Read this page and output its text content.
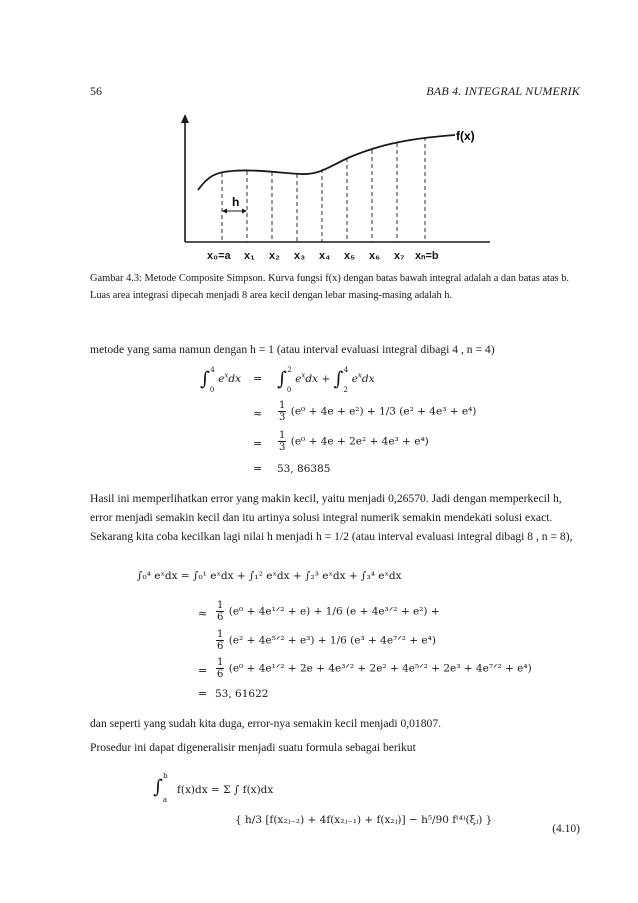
56	BAB 4. INTEGRAL NUMERIK
h
f(x)
x₀=a x₁ x₂ x₃ x₄ x₅ x₆ x₇ xₙ=b
Gambar 4.3: Metode Composite Simpson. Kurva fungsi f(x) dengan batas bawah integral adalah a dan batas atas b. Luas area integrasi dipecah menjadi 8 area kecil dengan lebar masing-masing adalah h.
metode yang sama namun dengan h = 1 (atau interval evaluasi integral dibagi 4 , n = 4)
$\int_0^4$ $e^xdx = \int_0^2$ $e^xdx + \int_2^4$ $e^xdx$
≈ $\frac{1}{3} (e^0 + 4e + e^2) + 1/3$ (e² + 4e³ + e⁴)
= $\frac{1}{3} (e^0 + 4e + 2e^2 + 4e^3 + e^4)$
= 53, 86385
Hasil ini memperlihatkan error yang makin kecil, yaitu menjadi 0,26570. Jadi dengan memperkecil h, error menjadi semakin kecil dan itu artinya solusi integral numerik semakin mendekati solusi exact. Sekarang kita coba kecilkan lagi nilai h menjadi h = 1/2 (atau interval evaluasi integral dibagi 8 , n = 8),
∫₀⁴ eˣdx = ∫₀¹ eˣdx + ∫₁² eˣdx + ∫₂³ eˣdx + ∫₃⁴ eˣdx
≈ $\frac{1}{6} (e^0$ + 4e¹ᐟ² + e) + 1/6 (e + 4e³ᐟ² + e²) +
$\frac{1}{6} (e^2$ + 4e⁵ᐟ² + e³) + 1/6 (e³ + 4e⁷ᐟ² + e⁴)
= $\frac{1}{6} (e^0$ + 4e¹ᐟ² + 2e + 4e³ᐟ² + 2e² + 4e⁵ᐟ² + 2e³ + 4e⁷ᐟ² + e⁴)
= 53, 61622
dan seperti yang sudah kita duga, error-nya semakin kecil menjadi 0,01807.
Prosedur ini dapat digeneralisir menjadi suatu formula sebagai berikut
$\int_a^b$
f(x)dx = Σ ∫ f(x)dx
{ h/3 [f(x₂ⱼ₋₂) + 4f(x₂ⱼ₋₁) + f(x₂ⱼ)] − h⁵/90 f⁽⁴⁾(ξⱼ) }
(4.10)
